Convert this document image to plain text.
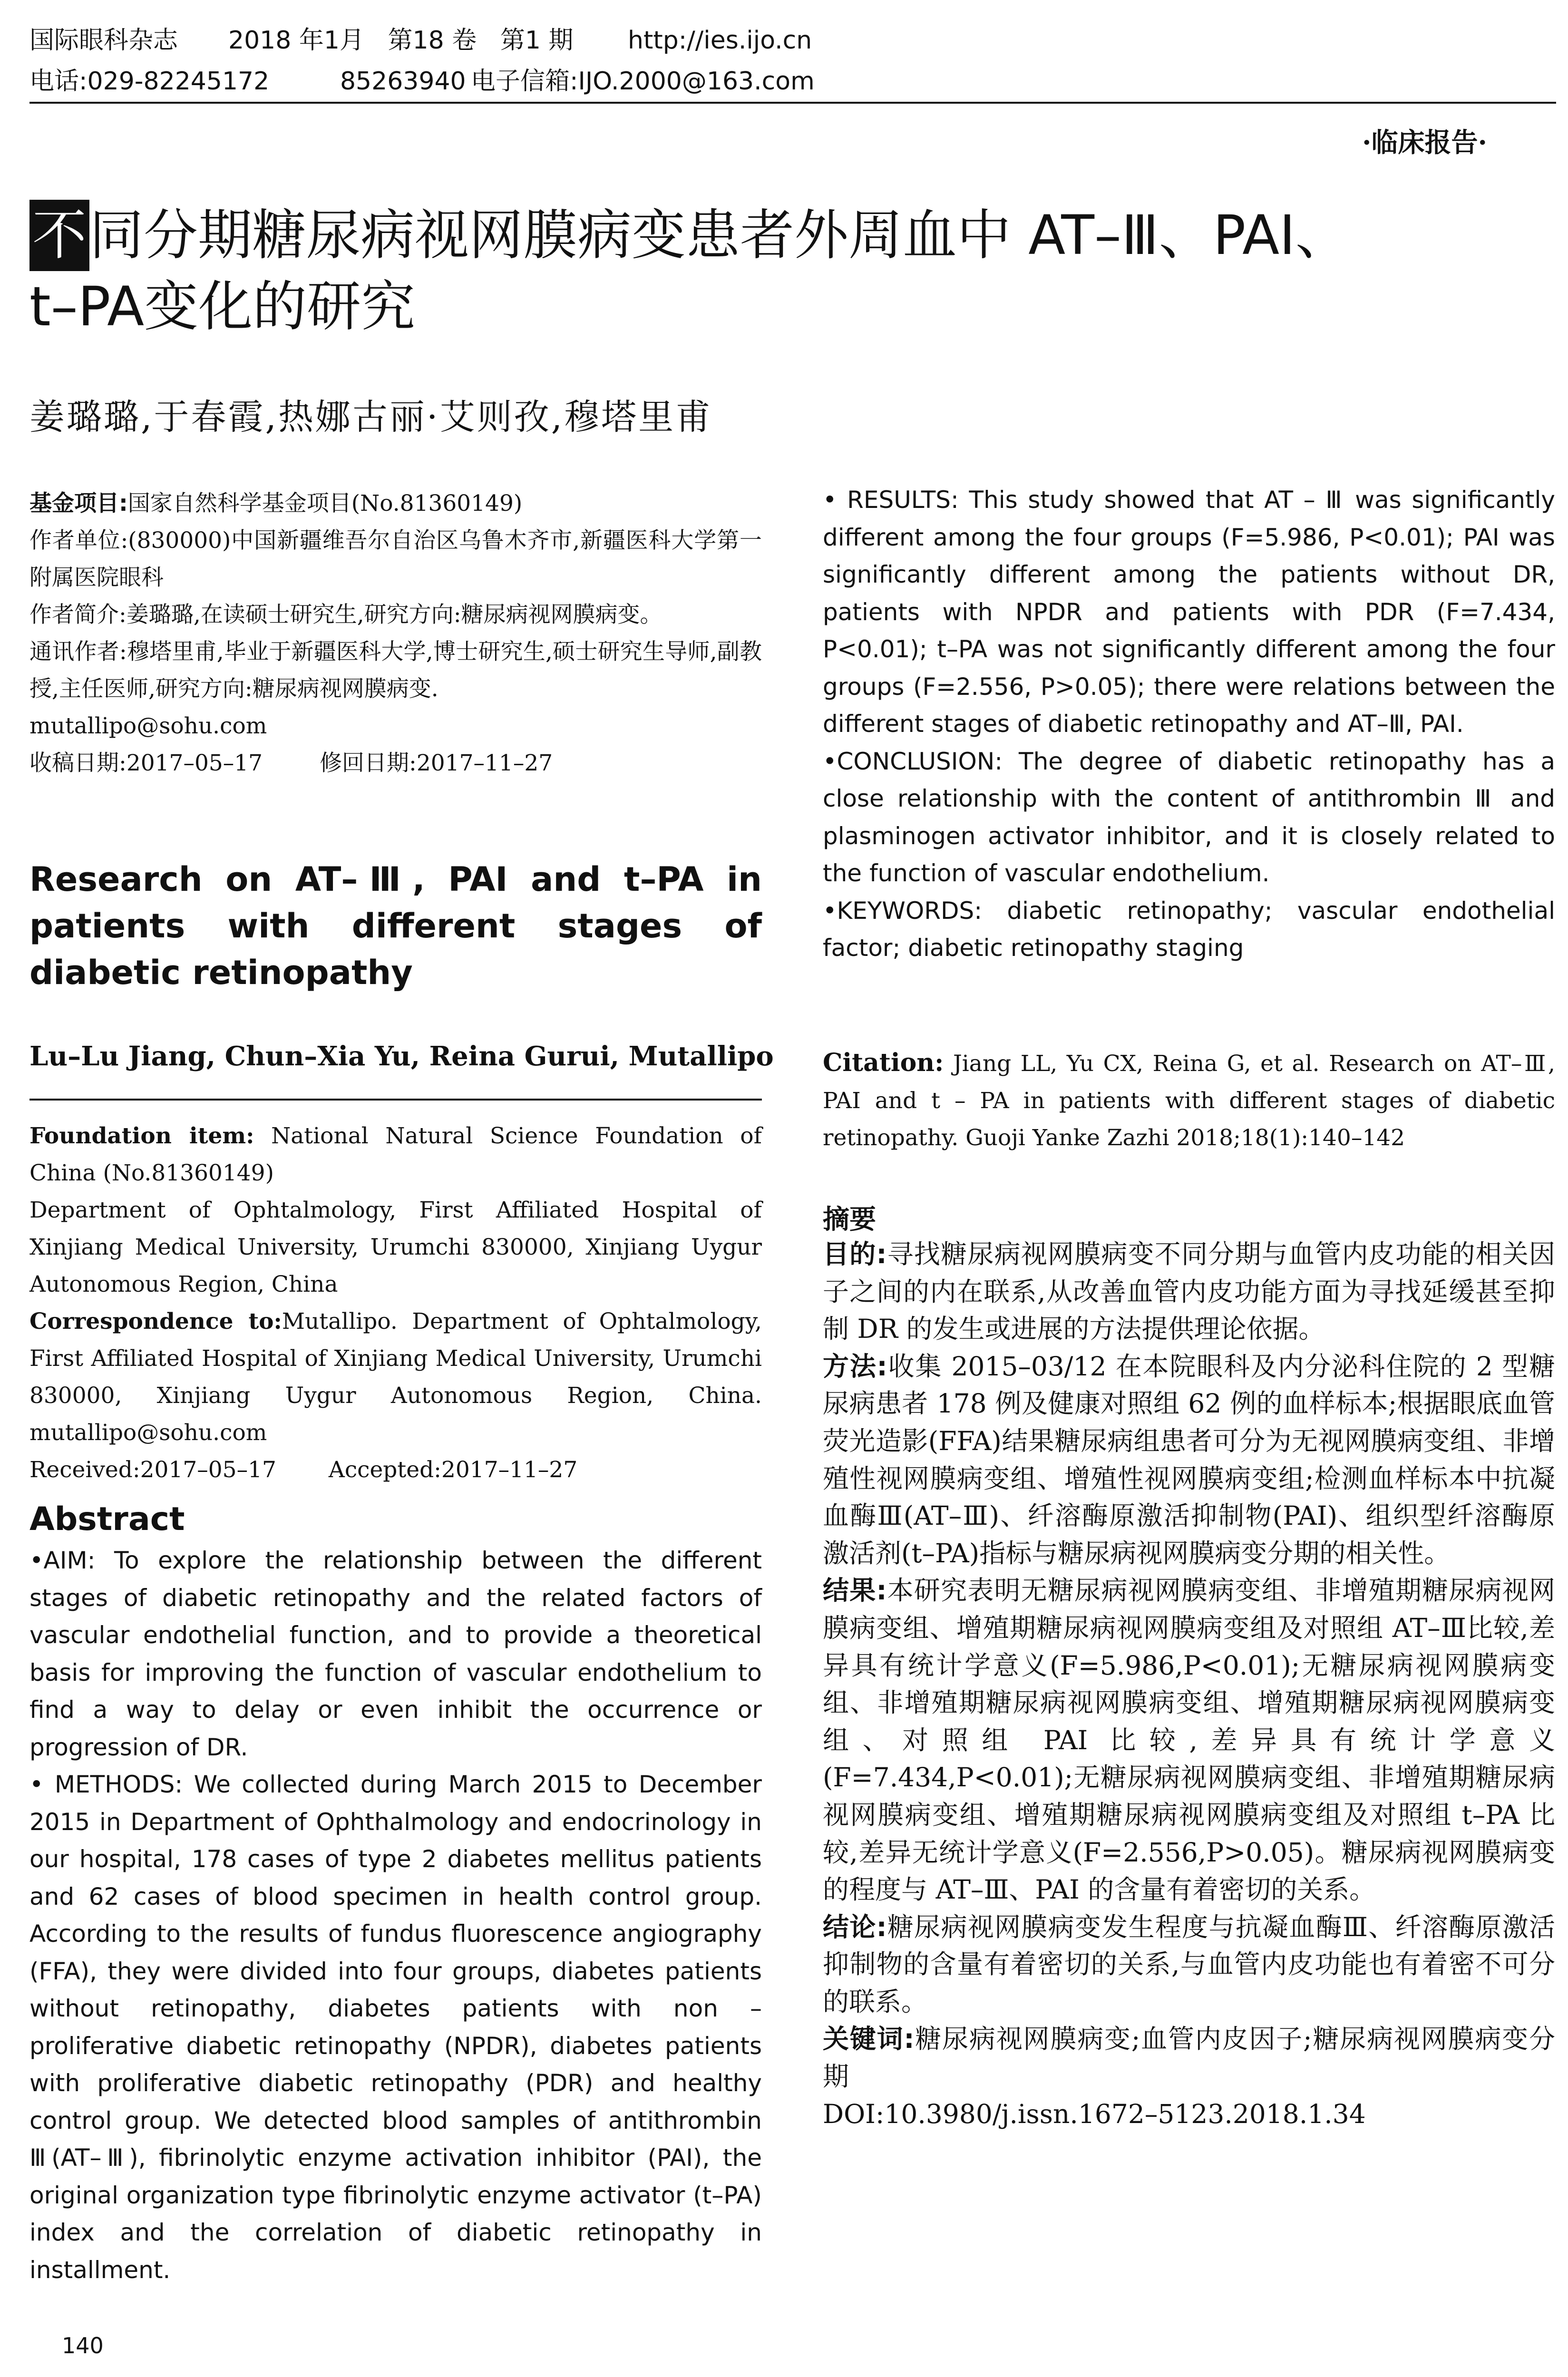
国际眼科杂志 2018 年1月   第18 卷   第1 期 http://ies.ijo.cn
电话:029-82245172         85263940 电子信箱:IJO.2000@163.com
·临床报告·
不同分期糖尿病视网膜病变患者外周血中 AT–Ⅲ、PAI、
t–PA变化的研究
姜璐璐,于春霞,热娜古丽·艾则孜,穆塔里甫

基金项目:国家自然科学基金项目(No.81360149)

作者单位:(830000)中国新疆维吾尔自治区乌鲁木齐市,新疆医科大学第一附属医院眼科

作者简介:姜璐璐,在读硕士研究生,研究方向:糖尿病视网膜病变。

通讯作者:穆塔里甫,毕业于新疆医科大学,博士研究生,硕士研究生导师,副教授,主任医师,研究方向:糖尿病视网膜病变.

mutallipo@sohu.com

收稿日期:2017–05–17	修回日期:2017–11–27

Research on AT–Ⅲ, PAI and t–PA in patients with different stages of diabetic retinopathy
Lu–Lu Jiang, Chun–Xia Yu, Reina Gurui, Mutallipo

Foundation item: National Natural Science Foundation of China (No.81360149)

Department of Ophtalmology, First Affiliated Hospital of Xinjiang Medical University, Urumchi 830000, Xinjiang Uygur Autonomous Region, China

Correspondence to:Mutallipo. Department of Ophtalmology, First Affiliated Hospital of Xinjiang Medical University, Urumchi 830000, Xinjiang Uygur Autonomous Region, China. mutallipo@sohu.com

Received:2017–05–17 Accepted:2017–11–27

Abstract

•AIM: To explore the relationship between the different stages of diabetic retinopathy and the related factors of vascular endothelial function, and to provide a theoretical basis for improving the function of vascular endothelium to find a way to delay or even inhibit the occurrence or progression of DR.

• METHODS: We collected during March 2015 to December 2015 in Department of Ophthalmology and endocrinology in our hospital, 178 cases of type 2 diabetes mellitus patients and 62 cases of blood specimen in health control group. According to the results of fundus fluorescence angiography (FFA), they were divided into four groups, diabetes patients without retinopathy, diabetes patients with non – proliferative diabetic retinopathy (NPDR), diabetes patients with proliferative diabetic retinopathy (PDR) and healthy control group. We detected blood samples of antithrombin Ⅲ(AT–Ⅲ), fibrinolytic enzyme activation inhibitor (PAI), the original organization type fibrinolytic enzyme activator (t–PA) index and the correlation of diabetic retinopathy in installment.

140

• RESULTS: This study showed that AT – Ⅲ was significantly different among the four groups (F=5.986, P<0.01); PAI was significantly different among the patients without DR, patients with NPDR and patients with PDR (F=7.434, P<0.01); t–PA was not significantly different among the four groups (F=2.556, P>0.05); there were relations between the different stages of diabetic retinopathy and AT–Ⅲ, PAI.

•CONCLUSION: The degree of diabetic retinopathy has a close relationship with the content of antithrombin Ⅲ and plasminogen activator inhibitor, and it is closely related to the function of vascular endothelium.

•KEYWORDS: diabetic retinopathy; vascular endothelial factor; diabetic retinopathy staging

Citation: Jiang LL, Yu CX, Reina G, et al. Research on AT–Ⅲ, PAI and t – PA in patients with different stages of diabetic retinopathy. Guoji Yanke Zazhi 2018;18(1):140–142
摘要

目的:寻找糖尿病视网膜病变不同分期与血管内皮功能的相关因子之间的内在联系,从改善血管内皮功能方面为寻找延缓甚至抑制 DR 的发生或进展的方法提供理论依据。

方法:收集 2015–03/12 在本院眼科及内分泌科住院的 2 型糖尿病患者 178 例及健康对照组 62 例的血样标本;根据眼底血管荧光造影(FFA)结果糖尿病组患者可分为无视网膜病变组、非增殖性视网膜病变组、增殖性视网膜病变组;检测血样标本中抗凝血酶Ⅲ(AT–Ⅲ)、纤溶酶原激活抑制物(PAI)、组织型纤溶酶原激活剂(t–PA)指标与糖尿病视网膜病变分期的相关性。

结果:本研究表明无糖尿病视网膜病变组、非增殖期糖尿病视网膜病变组、增殖期糖尿病视网膜病变组及对照组 AT–Ⅲ比较,差异具有统计学意义(F=5.986,P<0.01);无糖尿病视网膜病变组、非增殖期糖尿病视网膜病变组、增殖期糖尿病视网膜病变组、对照组 PAI 比较,差异具有统计学意义(F=7.434,P<0.01);无糖尿病视网膜病变组、非增殖期糖尿病视网膜病变组、增殖期糖尿病视网膜病变组及对照组 t–PA 比较,差异无统计学意义(F=2.556,P>0.05)。糖尿病视网膜病变的程度与 AT–Ⅲ、PAI 的含量有着密切的关系。

结论:糖尿病视网膜病变发生程度与抗凝血酶Ⅲ、纤溶酶原激活抑制物的含量有着密切的关系,与血管内皮功能也有着密不可分的联系。

关键词:糖尿病视网膜病变;血管内皮因子;糖尿病视网膜病变分期

DOI:10.3980/j.issn.1672–5123.2018.1.34
